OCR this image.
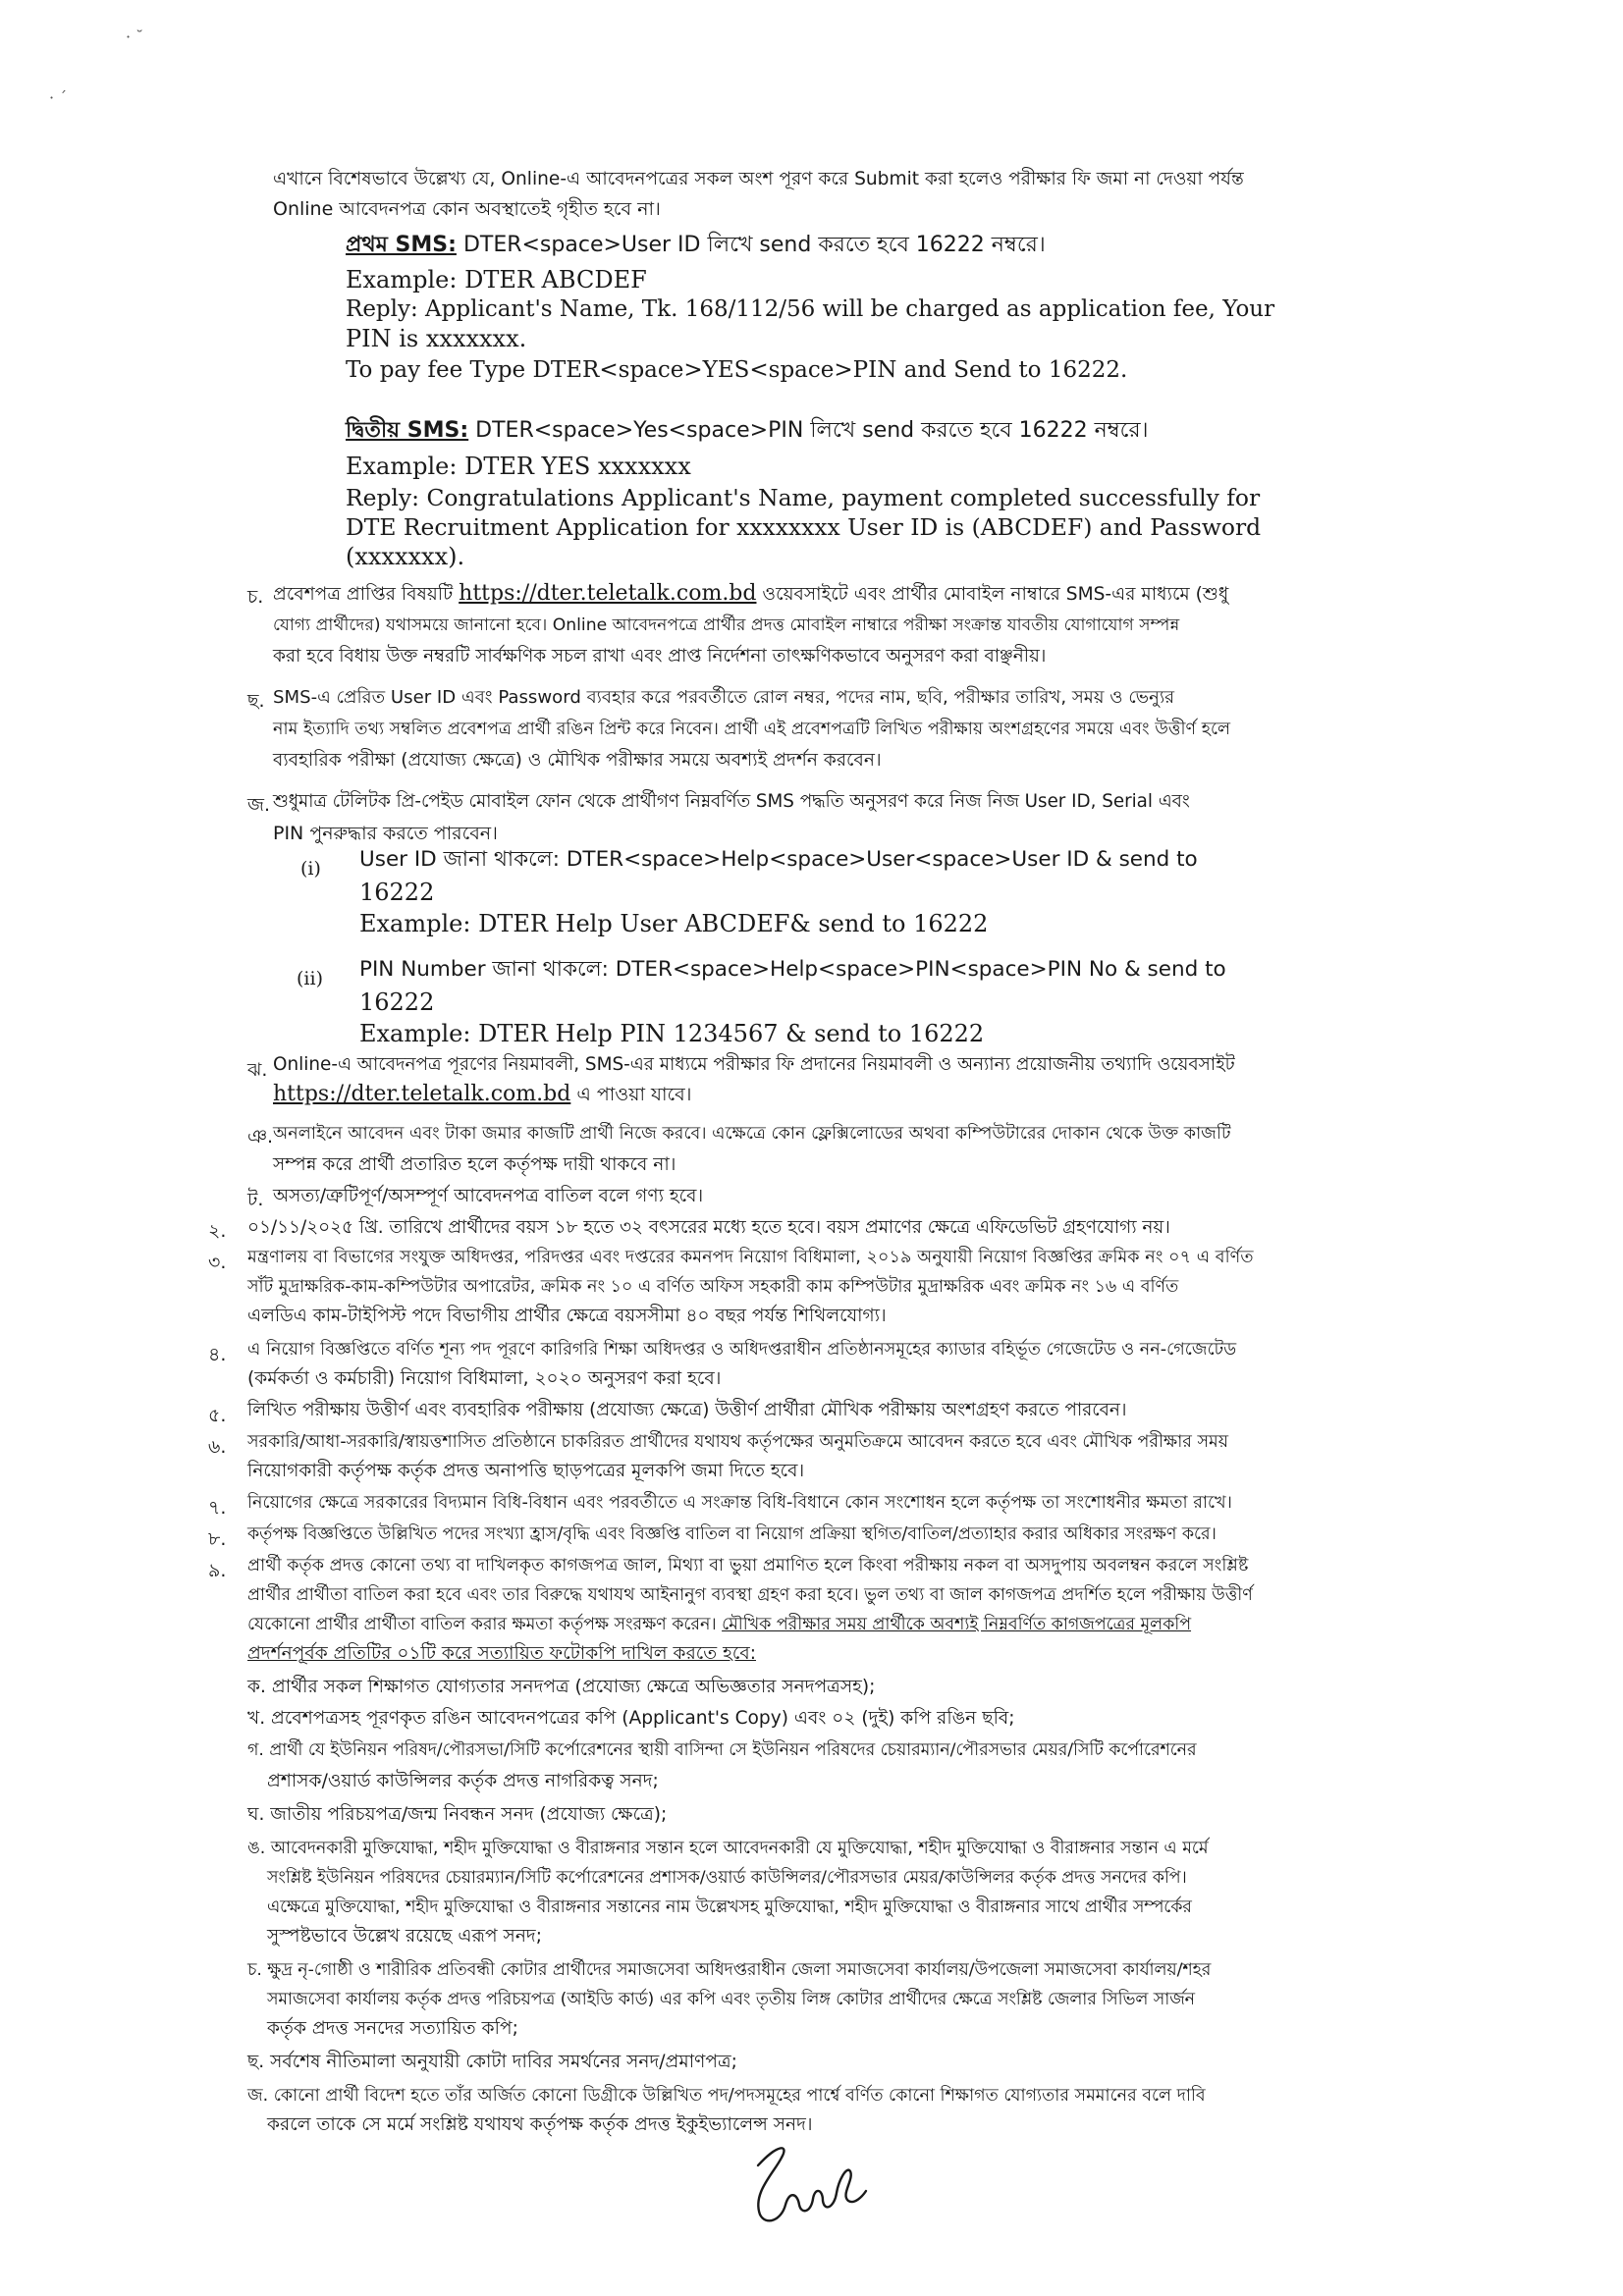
· ˘
· ´
এখানে বিশেষভাবে উল্লেখ্য যে, Online-এ আবেদনপত্রের সকল অংশ পূরণ করে Submit করা হলেও পরীক্ষার ফি জমা না দেওয়া পর্যন্ত
Online আবেদনপত্র কোন অবস্থাতেই গৃহীত হবে না।
প্রথম SMS: DTER<space>User ID লিখে send করতে হবে 16222 নম্বরে।
Example: DTER ABCDEF
Reply: Applicant's Name, Tk. 168/112/56 will be charged as application fee, Your
PIN is xxxxxxx.
To pay fee Type DTER<space>YES<space>PIN and Send to 16222.
দ্বিতীয় SMS: DTER<space>Yes<space>PIN লিখে send করতে হবে 16222 নম্বরে।
Example: DTER YES xxxxxxx
Reply: Congratulations Applicant's Name, payment completed successfully for
DTE Recruitment Application for xxxxxxxx User ID is (ABCDEF) and Password
(xxxxxxx).
চ. প্রবেশপত্র প্রাপ্তির বিষয়টি https://dter.teletalk.com.bd ওয়েবসাইটে এবং প্রার্থীর মোবাইল নাম্বারে SMS-এর মাধ্যমে (শুধু
যোগ্য প্রার্থীদের) যথাসময়ে জানানো হবে। Online আবেদনপত্রে প্রার্থীর প্রদত্ত মোবাইল নাম্বারে পরীক্ষা সংক্রান্ত যাবতীয় যোগাযোগ সম্পন্ন
করা হবে বিধায় উক্ত নম্বরটি সার্বক্ষণিক সচল রাখা এবং প্রাপ্ত নির্দেশনা তাৎক্ষণিকভাবে অনুসরণ করা বাঞ্ছনীয়।
ছ. SMS-এ প্রেরিত User ID এবং Password ব্যবহার করে পরবর্তীতে রোল নম্বর, পদের নাম, ছবি, পরীক্ষার তারিখ, সময় ও ভেন্যুর
নাম ইত্যাদি তথ্য সম্বলিত প্রবেশপত্র প্রার্থী রঙিন প্রিন্ট করে নিবেন। প্রার্থী এই প্রবেশপত্রটি লিখিত পরীক্ষায় অংশগ্রহণের সময়ে এবং উত্তীর্ণ হলে
ব্যবহারিক পরীক্ষা (প্রযোজ্য ক্ষেত্রে) ও মৌখিক পরীক্ষার সময়ে অবশ্যই প্রদর্শন করবেন।
জ. শুধুমাত্র টেলিটক প্রি-পেইড মোবাইল ফোন থেকে প্রার্থীগণ নিম্নবর্ণিত SMS পদ্ধতি অনুসরণ করে নিজ নিজ User ID, Serial এবং
PIN পুনরুদ্ধার করতে পারবেন।
(i) User ID জানা থাকলে: DTER<space>Help<space>User<space>User ID & send to
16222
Example: DTER Help User ABCDEF& send to 16222
(ii) PIN Number জানা থাকলে: DTER<space>Help<space>PIN<space>PIN No & send to
16222
Example: DTER Help PIN 1234567 & send to 16222
ঝ. Online-এ আবেদনপত্র পূরণের নিয়মাবলী, SMS-এর মাধ্যমে পরীক্ষার ফি প্রদানের নিয়মাবলী ও অন্যান্য প্রয়োজনীয় তথ্যাদি ওয়েবসাইট
https://dter.teletalk.com.bd এ পাওয়া যাবে।
ঞ. অনলাইনে আবেদন এবং টাকা জমার কাজটি প্রার্থী নিজে করবে। এক্ষেত্রে কোন ফ্লেক্সিলোডের অথবা কম্পিউটারের দোকান থেকে উক্ত কাজটি
সম্পন্ন করে প্রার্থী প্রতারিত হলে কর্তৃপক্ষ দায়ী থাকবে না।
ট. অসত্য/ত্রুটিপূর্ণ/অসম্পূর্ণ আবেদনপত্র বাতিল বলে গণ্য হবে।
২. ০১/১১/২০২৫ খ্রি. তারিখে প্রার্থীদের বয়স ১৮ হতে ৩২ বৎসরের মধ্যে হতে হবে। বয়স প্রমাণের ক্ষেত্রে এফিডেভিট গ্রহণযোগ্য নয়।
৩. মন্ত্রণালয় বা বিভাগের সংযুক্ত অধিদপ্তর, পরিদপ্তর এবং দপ্তরের কমনপদ নিয়োগ বিধিমালা, ২০১৯ অনুযায়ী নিয়োগ বিজ্ঞপ্তির ক্রমিক নং ০৭ এ বর্ণিত
সাঁট মুদ্রাক্ষরিক-কাম-কম্পিউটার অপারেটর, ক্রমিক নং ১০ এ বর্ণিত অফিস সহকারী কাম কম্পিউটার মুদ্রাক্ষরিক এবং ক্রমিক নং ১৬ এ বর্ণিত
এলডিএ কাম-টাইপিস্ট পদে বিভাগীয় প্রার্থীর ক্ষেত্রে বয়সসীমা ৪০ বছর পর্যন্ত শিথিলযোগ্য।
৪. এ নিয়োগ বিজ্ঞপ্তিতে বর্ণিত শূন্য পদ পূরণে কারিগরি শিক্ষা অধিদপ্তর ও অধিদপ্তরাধীন প্রতিষ্ঠানসমূহের ক্যাডার বহির্ভূত গেজেটেড ও নন-গেজেটেড
(কর্মকর্তা ও কর্মচারী) নিয়োগ বিধিমালা, ২০২০ অনুসরণ করা হবে।
৫. লিখিত পরীক্ষায় উত্তীর্ণ এবং ব্যবহারিক পরীক্ষায় (প্রযোজ্য ক্ষেত্রে) উত্তীর্ণ প্রার্থীরা মৌখিক পরীক্ষায় অংশগ্রহণ করতে পারবেন।
৬. সরকারি/আধা-সরকারি/স্বায়ত্তশাসিত প্রতিষ্ঠানে চাকরিরত প্রার্থীদের যথাযথ কর্তৃপক্ষের অনুমতিক্রমে আবেদন করতে হবে এবং মৌখিক পরীক্ষার সময়
নিয়োগকারী কর্তৃপক্ষ কর্তৃক প্রদত্ত অনাপত্তি ছাড়পত্রের মূলকপি জমা দিতে হবে।
৭. নিয়োগের ক্ষেত্রে সরকারের বিদ্যমান বিধি-বিধান এবং পরবর্তীতে এ সংক্রান্ত বিধি-বিধানে কোন সংশোধন হলে কর্তৃপক্ষ তা সংশোধনীর ক্ষমতা রাখে।
৮. কর্তৃপক্ষ বিজ্ঞপ্তিতে উল্লিখিত পদের সংখ্যা হ্রাস/বৃদ্ধি এবং বিজ্ঞপ্তি বাতিল বা নিয়োগ প্রক্রিয়া স্থগিত/বাতিল/প্রত্যাহার করার অধিকার সংরক্ষণ করে।
৯. প্রার্থী কর্তৃক প্রদত্ত কোনো তথ্য বা দাখিলকৃত কাগজপত্র জাল, মিথ্যা বা ভুয়া প্রমাণিত হলে কিংবা পরীক্ষায় নকল বা অসদুপায় অবলম্বন করলে সংশ্লিষ্ট
প্রার্থীর প্রার্থীতা বাতিল করা হবে এবং তার বিরুদ্ধে যথাযথ আইনানুগ ব্যবস্থা গ্রহণ করা হবে। ভুল তথ্য বা জাল কাগজপত্র প্রদর্শিত হলে পরীক্ষায় উত্তীর্ণ
যেকোনো প্রার্থীর প্রার্থীতা বাতিল করার ক্ষমতা কর্তৃপক্ষ সংরক্ষণ করেন। মৌখিক পরীক্ষার সময় প্রার্থীকে অবশ্যই নিম্নবর্ণিত কাগজপত্রের মূলকপি
প্রদর্শনপূর্বক প্রতিটির ০১টি করে সত্যায়িত ফটোকপি দাখিল করতে হবে:
ক. প্রার্থীর সকল শিক্ষাগত যোগ্যতার সনদপত্র (প্রযোজ্য ক্ষেত্রে অভিজ্ঞতার সনদপত্রসহ);
খ. প্রবেশপত্রসহ পূরণকৃত রঙিন আবেদনপত্রের কপি (Applicant's Copy) এবং ০২ (দুই) কপি রঙিন ছবি;
গ. প্রার্থী যে ইউনিয়ন পরিষদ/পৌরসভা/সিটি কর্পোরেশনের স্থায়ী বাসিন্দা সে ইউনিয়ন পরিষদের চেয়ারম্যান/পৌরসভার মেয়র/সিটি কর্পোরেশনের
প্রশাসক/ওয়ার্ড কাউন্সিলর কর্তৃক প্রদত্ত নাগরিকত্ব সনদ;
ঘ. জাতীয় পরিচয়পত্র/জন্ম নিবন্ধন সনদ (প্রযোজ্য ক্ষেত্রে);
ঙ. আবেদনকারী মুক্তিযোদ্ধা, শহীদ মুক্তিযোদ্ধা ও বীরাঙ্গনার সন্তান হলে আবেদনকারী যে মুক্তিযোদ্ধা, শহীদ মুক্তিযোদ্ধা ও বীরাঙ্গনার সন্তান এ মর্মে
সংশ্লিষ্ট ইউনিয়ন পরিষদের চেয়ারম্যান/সিটি কর্পোরেশনের প্রশাসক/ওয়ার্ড কাউন্সিলর/পৌরসভার মেয়র/কাউন্সিলর কর্তৃক প্রদত্ত সনদের কপি।
এক্ষেত্রে মুক্তিযোদ্ধা, শহীদ মুক্তিযোদ্ধা ও বীরাঙ্গনার সন্তানের নাম উল্লেখসহ মুক্তিযোদ্ধা, শহীদ মুক্তিযোদ্ধা ও বীরাঙ্গনার সাথে প্রার্থীর সম্পর্কের
সুস্পষ্টভাবে উল্লেখ রয়েছে এরূপ সনদ;
চ. ক্ষুদ্র নৃ-গোষ্ঠী ও শারীরিক প্রতিবন্ধী কোটার প্রার্থীদের সমাজসেবা অধিদপ্তরাধীন জেলা সমাজসেবা কার্যালয়/উপজেলা সমাজসেবা কার্যালয়/শহর
সমাজসেবা কার্যালয় কর্তৃক প্রদত্ত পরিচয়পত্র (আইডি কার্ড) এর কপি এবং তৃতীয় লিঙ্গ কোটার প্রার্থীদের ক্ষেত্রে সংশ্লিষ্ট জেলার সিভিল সার্জন
কর্তৃক প্রদত্ত সনদের সত্যায়িত কপি;
ছ. সর্বশেষ নীতিমালা অনুযায়ী কোটা দাবির সমর্থনের সনদ/প্রমাণপত্র;
জ. কোনো প্রার্থী বিদেশ হতে তাঁর অর্জিত কোনো ডিগ্রীকে উল্লিখিত পদ/পদসমূহের পার্শ্বে বর্ণিত কোনো শিক্ষাগত যোগ্যতার সমমানের বলে দাবি
করলে তাকে সে মর্মে সংশ্লিষ্ট যথাযথ কর্তৃপক্ষ কর্তৃক প্রদত্ত ইকুইভ্যালেন্স সনদ।
